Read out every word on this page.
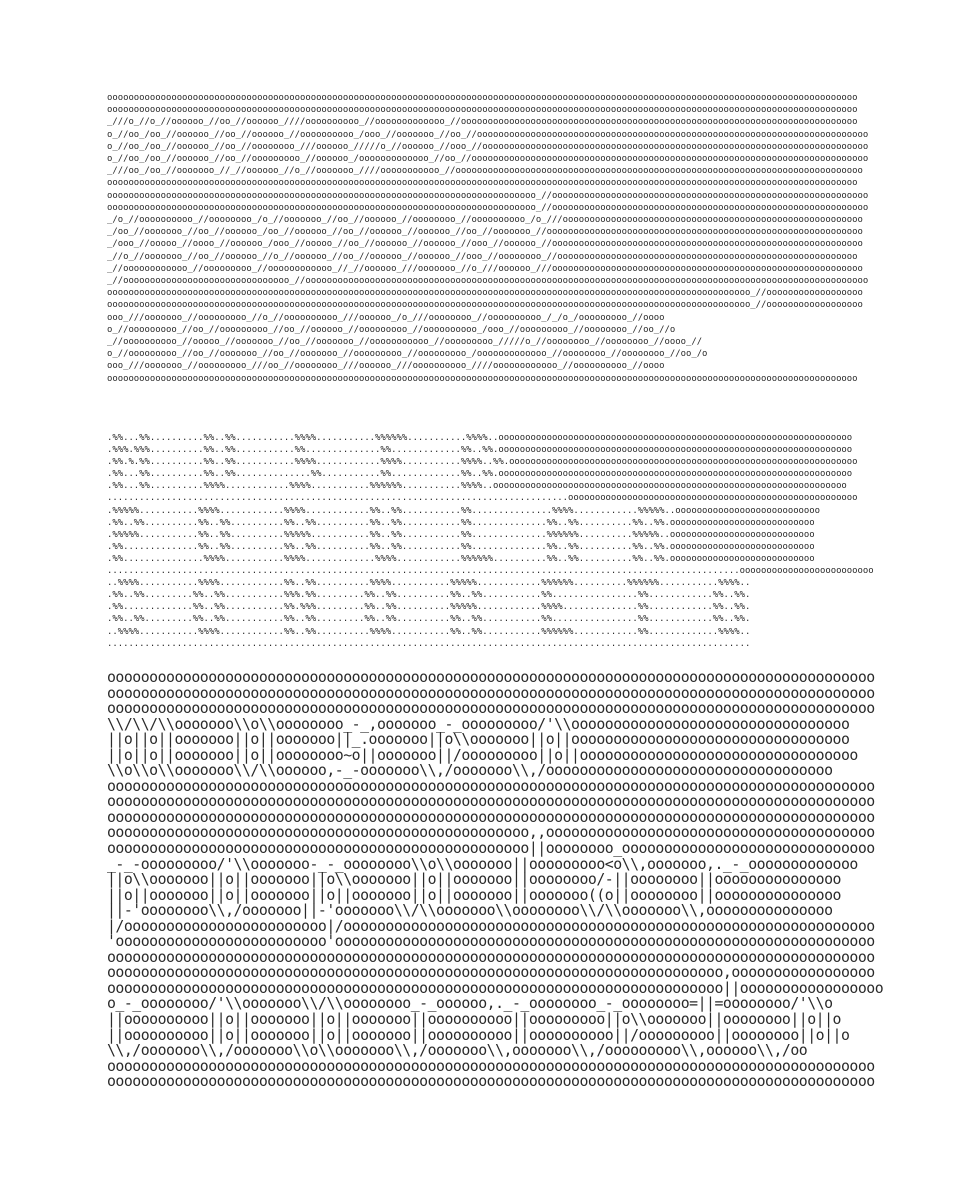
oooooooooooooooooooooooooooooooooooooooooooooooooooooooooooooooooooooooooooooooooooooooooooooooooooooooooooooooooooooooooooooooooooooooooooo
oooooooooooooooooooooooooooooooooooooooooooooooooooooooooooooooooooooooooooooooooooooooooooooooooooooooooooooooooooooooooooooooooooooooooooo
_///o_//o_//oooooo_//oo_//oooooo_////oooooooooo_//ooooooooooooo_//oooooooooooooooooooooooooooooooooooooooooooooooooooooooooooooooooooooooooo
o_//oo_/oo_//oooooo_//oo_//oooooo_//oooooooooo_/ooo_//ooooooo_//oo_//ooooooooooooooooooooooooooooooooooooooooooooooooooooooooooooooooooooooooo
o_//oo_/oo_//oooooo_//oo_//oooooooo_///oooooo_/////o_//oooooo_//ooo_//oooooooooooooooooooooooooooooooooooooooooooooooooooooooooooooooooooooooo
o_//oo_/oo_//oooooo_//oo_//ooooooooo_//oooooo_/ooooooooooooo_//oo_//oooooooooooooooooooooooooooooooooooooooooooooooooooooooooooooooooooooooooo
_///oo_/oo_//ooooooo_//_//oooooo_//o_//ooooooo_////ooooooooooo_//oooooooooooooooooooooooooooooooooooooooooooooooooooooooooooooooooooooooooooo
oooooooooooooooooooooooooooooooooooooooooooooooooooooooooooooooooooooooooooooooooooooooooooooooooooooooooooooooooooooooooooooooooooooooooooo
oooooooooooooooooooooooooooooooooooooooooooooooooooooooooooooooooooooooooooooooo_//ooooooooooooooooooooooooooooooooooooooooooooooooooooooooooo
oooooooooooooooooooooooooooooooooooooooooooooooooooooooooooooooooooooooooooooooo_//ooooooooooooooooooooooooooooooooooooooooooooooooooooooooooo
_/o_//oooooooooo_//oooooooo_/o_//ooooooo_//oo_//oooooo_//oooooooo_//oooooooooo_/o_///oooooooooooooooooooooooooooooooooooooooooooooooooooooooo
_/oo_//ooooooo_//oo_//oooooo_/oo_//oooooo_//oo_//oooooo_//oooooo_//oo_//ooooooo_//ooooooooooooooooooooooooooooooooooooooooooooooooooooooooooo
_/ooo_//ooooo_//oooo_//oooooo_/ooo_//ooooo_//oo_//oooooo_//oooooo_//ooo_//oooooo_//oooooooooooooooooooooooooooooooooooooooooooooooooooooooooo
_//o_//ooooooo_//oo_//oooooo_//o_//oooooo_//oo_//oooooo_//oooooo_//ooo_//oooooooo_//oooooooooooooooooooooooooooooooooooooooooooooooooooooooo
_//oooooooooooo_//ooooooooo_//oooooooooooo_//_//oooooo_///ooooooo_//o_///oooooo_///oooooooooooooooooooooooooooooooooooooooooooooooooooooooooo
_//ooooooooooooooooooooooooooooooo_//ooooooooooooooooooooooooooooooooooooooooooooooooooooooooooooooooooooooooooooooooooooooooooooooooooooooooo
oooooooooooooooooooooooooooooooooooooooooooooooooooooooooooooooooooooooooooooooooooooooooooooooooooooooooooooooooooooooo_//oooooooooooooooooo
oooooooooooooooooooooooooooooooooooooooooooooooooooooooooooooooooooooooooooooooooooooooooooooooooooooooooooooooooooooooo_//oooooooooooooooooo
ooo_///ooooooo_//ooooooooo_//o_//oooooooooo_///oooooo_/o_///oooooooo_//oooooooooo_/_/o_/ooooooooo_//oooo
o_//ooooooooo_//oo_//ooooooooo_//oo_//oooooo_//ooooooooo_//oooooooooo_/ooo_//ooooooooo_//oooooooo_//oo_//o
_//oooooooooo_//ooooo_//ooooooo_//oo_//ooooooo_//ooooooooooo_//ooooooooo_/////o_//oooooooo_//oooooooo_//oooo_//
o_//ooooooooo_//oo_//ooooooo_//oo_//ooooooo_//ooooooooo_//ooooooooo_/ooooooooooooo_//oooooooo_//oooooooo_//oo_/o
ooo_///ooooooo_//ooooooooo_///oo_//oooooooo_///oooooo_///oooooooooo_////oooooooooooo_//oooooooooo_//oooo
oooooooooooooooooooooooooooooooooooooooooooooooooooooooooooooooooooooooooooooooooooooooooooooooooooooooooooooooooooooooooooooooooooooooooooo
.%%...%%..........%%..%%...........%%%%...........%%%%%%...........%%%%..oooooooooooooooooooooooooooooooooooooooooooooooooooooooooooooooooo
.%%%.%%%..........%%..%%...........%%..............%%.............%%..%%.oooooooooooooooooooooooooooooooooooooooooooooooooooooooooooooooooo
.%%.%.%%..........%%..%%...........%%%%............%%%%...........%%%%..%%.ooooooooooooooooooooooooooooooooooooooooooooooooooooooooooooooooo
.%%...%%..........%%..%%..............%%...........%%.............%%..%%.oooooooooooooooooooooooooooooooooooooooooooooooooooooooooooooooooo
.%%...%%..........%%%%............%%%%...........%%%%%%...........%%%%..oooooooooooooooooooooooooooooooooooooooooooooooooooooooooooooooooo
......................................................................................oooooooooooooooooooooooooooooooooooooooooooooooooooooo
.%%%%%...........%%%%............%%%%............%%..%%...........%%...............%%%%............%%%%%..ooooooooooooooooooooooooooo
.%%..%%..........%%..%%..........%%..%%..........%%..%%...........%%..............%%..%%..........%%..%%.ooooooooooooooooooooooooooo
.%%%%%...........%%..%%..........%%%%%...........%%..%%...........%%..............%%%%%%..........%%%%%..ooooooooooooooooooooooooooo
.%%..............%%..%%..........%%..%%..........%%..%%...........%%..............%%..%%..........%%..%%.ooooooooooooooooooooooooooo
.%%...............%%%%...........%%%%.............%%%%............%%%%%%..........%%..%%..........%%..%%.ooooooooooooooooooooooooooo
......................................................................................................................ooooooooooooooooooooooooo
..%%%%...........%%%%............%%..%%..........%%%%...........%%%%%............%%%%%%..........%%%%%%...........%%%%..
.%%..%%.........%%..%%...........%%%.%%.........%%..%%..........%%..%%...........%%................%%............%%..%%.
.%%.............%%..%%...........%%.%%%.........%%..%%..........%%%%%............%%%%..............%%............%%..%%.
.%%..%%.........%%..%%...........%%..%%.........%%..%%..........%%..%%...........%%................%%............%%..%%.
..%%%%...........%%%%............%%..%%..........%%%%...........%%..%%...........%%%%%%............%%.............%%%%..
........................................................................................................................
ooooooooooooooooooooooooooooooooooooooooooooooooooooooooooooooooooooooooooooooooooooooooooo
ooooooooooooooooooooooooooooooooooooooooooooooooooooooooooooooooooooooooooooooooooooooooooo
ooooooooooooooooooooooooooooooooooooooooooooooooooooooooooooooooooooooooooooooooooooooooooo
\\/\\/\\ooooooo\\o\\oooooooo_-_,ooooooo_-_ooooooooo/'\\ooooooooooooooooooooooooooooooooo
||o||o||ooooooo||o||ooooooo||_.ooooooo||o\\ooooooo||o||ooooooooooooooooooooooooooooooooo
||o||o||ooooooo||o||oooooooo~o||ooooooo||/ooooooooo||o||ooooooooooooooooooooooooooooooooo
\\o\\o\\ooooooo\\/\\oooooo,-_-ooooooo\\,/ooooooo\\,/oooooooooooooooooooooooooooooooooo
ooooooooooooooooooooooooooooooooooooooooooooooooooooooooooooooooooooooooooooooooooooooooooo
ooooooooooooooooooooooooooooooooooooooooooooooooooooooooooooooooooooooooooooooooooooooooooo
ooooooooooooooooooooooooooooooooooooooooooooooooooooooooooooooooooooooooooooooooooooooooooo
oooooooooooooooooooooooooooooooooooooooooooooooooo,,ooooooooooooooooooooooooooooooooooooooo
oooooooooooooooooooooooooooooooooooooooooooooooooo||oooooooo_oooooooooooooooooooooooooooooo
_-_-ooooooooo/'\\ooooooo-_-_oooooooo\\o\\ooooooo||ooooooooo<o\\,ooooooo,._-_ooooooooooooo
||o\\ooooooo||o||ooooooo||o\\ooooooo||o||ooooooo||oooooooo/-||oooooooo||ooooooooooooooo
||o||ooooooo||o||ooooooo||o||ooooooo||o||ooooooo||ooooooo((o||oooooooo||ooooooooooooooo
||-'oooooooo\\,/ooooooo||-'ooooooo\\/\\ooooooo\\oooooooo\\/\\ooooooo\\,ooooooooooooooo
|/oooooooooooooooooooooooo|/ooooooooooooooooooooooooooooooooooooooooooooooooooooooooooooooo
'ooooooooooooooooooooooooo'oooooooooooooooooooooooooooooooooooooooooooooooooooooooooooooooo
ooooooooooooooooooooooooooooooooooooooooooooooooooooooooooooooooooooooooooooooooooooooooooo
ooooooooooooooooooooooooooooooooooooooooooooooooooooooooooooooooooooooooo,ooooooooooooooooo
ooooooooooooooooooooooooooooooooooooooooooooooooooooooooooooooooooooooooo||ooooooooooooooooo
o_-_oooooooo/'\\ooooooo\\/\\oooooooo_-_oooooo,._-_oooooooo_-_oooooooo=||=oooooooo/'\\o
||oooooooooo||o||ooooooo||o||ooooooo||oooooooooo||ooooooooo||o\\ooooooo||oooooooo||o||o
||oooooooooo||o||ooooooo||o||ooooooo||oooooooooo||oooooooooo||/ooooooooo||oooooooo||o||o
\\,/ooooooo\\,/ooooooo\\o\\ooooooo\\,/ooooooo\\,ooooooo\\,/ooooooooo\\,oooooo\\,/oo
ooooooooooooooooooooooooooooooooooooooooooooooooooooooooooooooooooooooooooooooooooooooooooo
ooooooooooooooooooooooooooooooooooooooooooooooooooooooooooooooooooooooooooooooooooooooooooo
